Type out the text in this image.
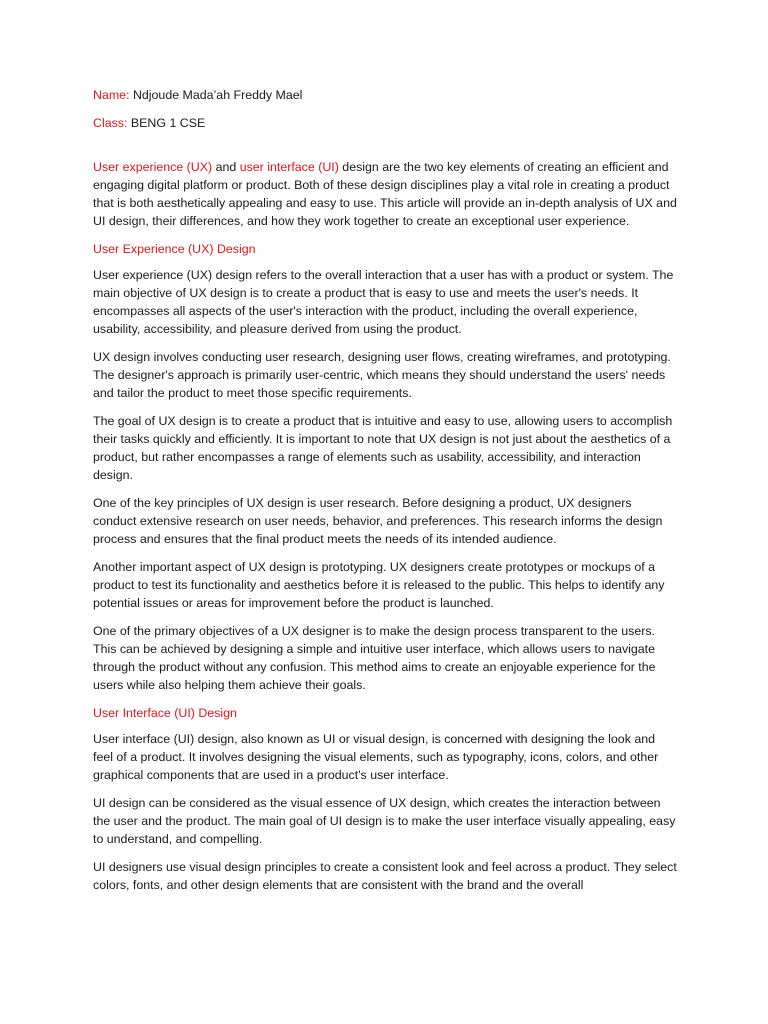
Name: Ndjoude Mada’ah Freddy Mael
Class: BENG 1 CSE

User experience (UX) and user interface (UI) design are the two key elements of creating an efficient and engaging digital platform or product. Both of these design disciplines play a vital role in creating a product that is both aesthetically appealing and easy to use. This article will provide an in-depth analysis of UX and UI design, their differences, and how they work together to create an exceptional user experience.

User Experience (UX) Design

User experience (UX) design refers to the overall interaction that a user has with a product or system. The main objective of UX design is to create a product that is easy to use and meets the user's needs. It encompasses all aspects of the user's interaction with the product, including the overall experience, usability, accessibility, and pleasure derived from using the product.

UX design involves conducting user research, designing user flows, creating wireframes, and prototyping. The designer's approach is primarily user-centric, which means they should understand the users' needs and tailor the product to meet those specific requirements.

The goal of UX design is to create a product that is intuitive and easy to use, allowing users to accomplish their tasks quickly and efficiently. It is important to note that UX design is not just about the aesthetics of a product, but rather encompasses a range of elements such as usability, accessibility, and interaction design.

One of the key principles of UX design is user research. Before designing a product, UX designers conduct extensive research on user needs, behavior, and preferences. This research informs the design process and ensures that the final product meets the needs of its intended audience.

Another important aspect of UX design is prototyping. UX designers create prototypes or mockups of a product to test its functionality and aesthetics before it is released to the public. This helps to identify any potential issues or areas for improvement before the product is launched.

One of the primary objectives of a UX designer is to make the design process transparent to the users. This can be achieved by designing a simple and intuitive user interface, which allows users to navigate through the product without any confusion. This method aims to create an enjoyable experience for the users while also helping them achieve their goals.

User Interface (UI) Design

User interface (UI) design, also known as UI or visual design, is concerned with designing the look and feel of a product. It involves designing the visual elements, such as typography, icons, colors, and other graphical components that are used in a product's user interface.

UI design can be considered as the visual essence of UX design, which creates the interaction between the user and the product. The main goal of UI design is to make the user interface visually appealing, easy to understand, and compelling.

UI designers use visual design principles to create a consistent look and feel across a product. They select colors, fonts, and other design elements that are consistent with the brand and the overall
